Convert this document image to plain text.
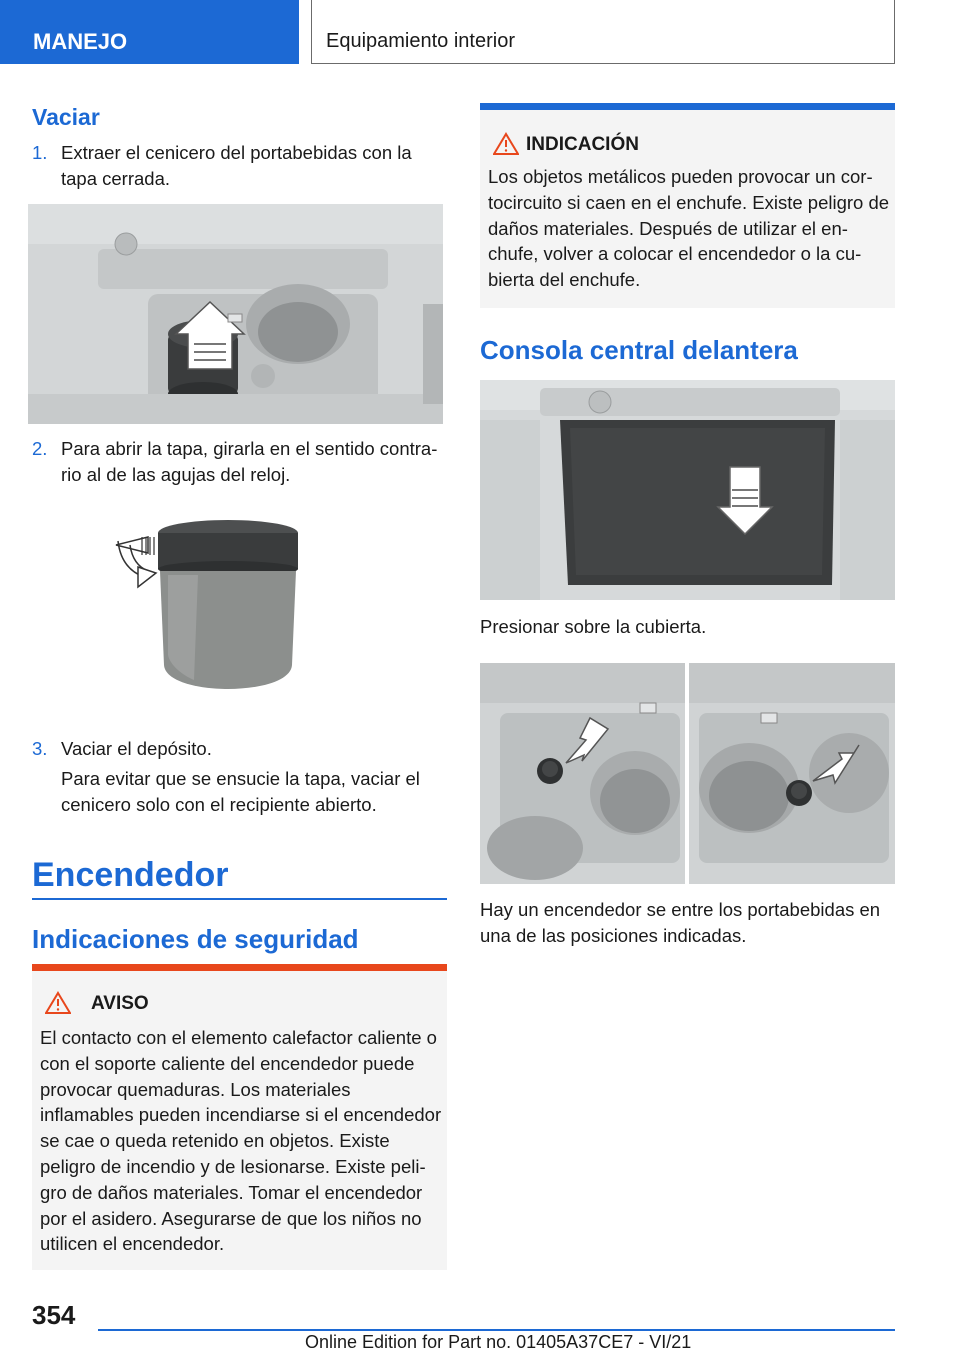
MANEJO	Equipamiento interior
Vaciar
1. Extraer el cenicero del portabebidas con la tapa cerrada.
2. Para abrir la tapa, girarla en el sentido contrario al de las agujas del reloj.
3. Vaciar el depósito.
Para evitar que se ensucie la tapa, vaciar el cenicero solo con el recipiente abierto.
Encendedor
Indicaciones de seguridad
AVISO
El contacto con el elemento calefactor caliente o con el soporte caliente del encendedor puede provocar quemaduras. Los materiales inflamables pueden incendiarse si el encendedor se cae o queda retenido en objetos. Existe peligro de incendio y de lesionarse. Existe peligro de daños materiales. Tomar el encendedor por el asidero. Asegurarse de que los niños no utilicen el encendedor.
INDICACIÓN
Los objetos metálicos pueden provocar un cortocircuito si caen en el enchufe. Existe peligro de daños materiales. Después de utilizar el enchufe, volver a colocar el encendedor o la cubierta del enchufe.
Consola central delantera
Presionar sobre la cubierta.
Hay un encendedor se entre los portabebidas en una de las posiciones indicadas.
354
Online Edition for Part no. 01405A37CE7 - VI/21
